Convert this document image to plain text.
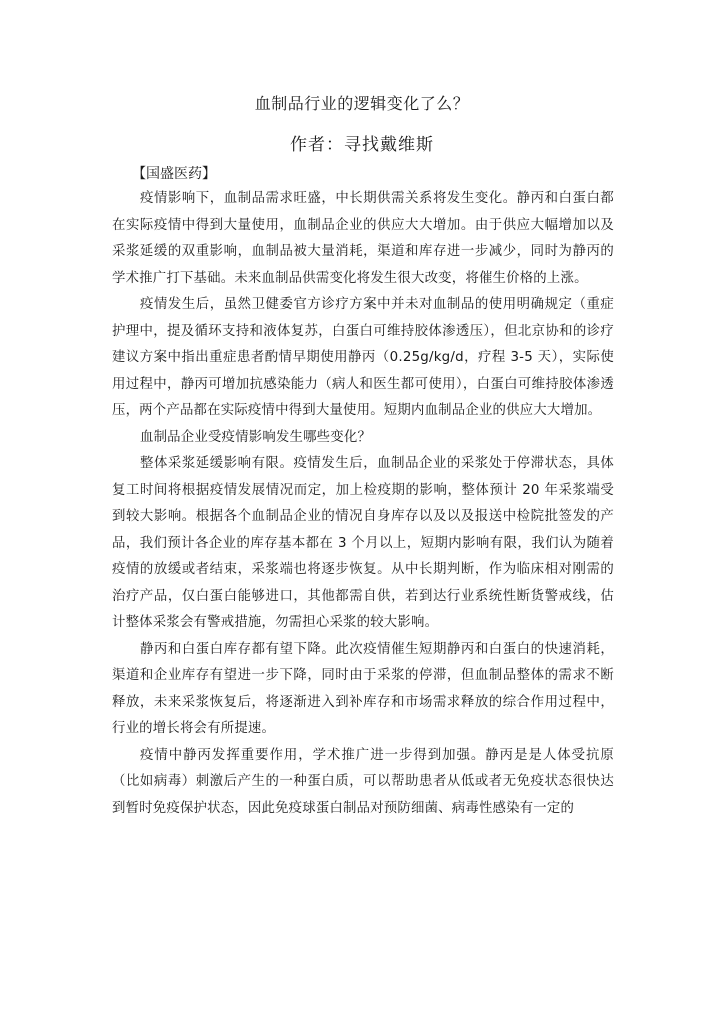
血制品行业的逻辑变化了么？
作者：寻找戴维斯

【国盛医药】

疫情影响下，血制品需求旺盛，中长期供需关系将发生变化。静丙和白蛋白都在实际疫情中得到大量使用，血制品企业的供应大大增加。由于供应大幅增加以及采浆延缓的双重影响，血制品被大量消耗，渠道和库存进一步减少，同时为静丙的学术推广打下基础。未来血制品供需变化将发生很大改变，将催生价格的上涨。

疫情发生后，虽然卫健委官方诊疗方案中并未对血制品的使用明确规定（重症护理中，提及循环支持和液体复苏，白蛋白可维持胶体渗透压），但北京协和的诊疗建议方案中指出重症患者酌情早期使用静丙（0.25g/kg/d，疗程 3-5 天），实际使用过程中，静丙可增加抗感染能力（病人和医生都可使用），白蛋白可维持胶体渗透压，两个产品都在实际疫情中得到大量使用。短期内血制品企业的供应大大增加。

血制品企业受疫情影响发生哪些变化？

整体采浆延缓影响有限。疫情发生后，血制品企业的采浆处于停滞状态，具体复工时间将根据疫情发展情况而定，加上检疫期的影响，整体预计 20 年采浆端受到较大影响。根据各个血制品企业的情况自身库存以及以及报送中检院批签发的产品，我们预计各企业的库存基本都在 3 个月以上，短期内影响有限，我们认为随着疫情的放缓或者结束，采浆端也将逐步恢复。从中长期判断，作为临床相对刚需的治疗产品，仅白蛋白能够进口，其他都需自供，若到达行业系统性断货警戒线，估计整体采浆会有警戒措施，勿需担心采浆的较大影响。

静丙和白蛋白库存都有望下降。此次疫情催生短期静丙和白蛋白的快速消耗，渠道和企业库存有望进一步下降，同时由于采浆的停滞，但血制品整体的需求不断释放，未来采浆恢复后，将逐渐进入到补库存和市场需求释放的综合作用过程中，行业的增长将会有所提速。

疫情中静丙发挥重要作用，学术推广进一步得到加强。静丙是是人体受抗原（比如病毒）刺激后产生的一种蛋白质，可以帮助患者从低或者无免疫状态很快达到暂时免疫保护状态，因此免疫球蛋白制品对预防细菌、病毒性感染有一定的
